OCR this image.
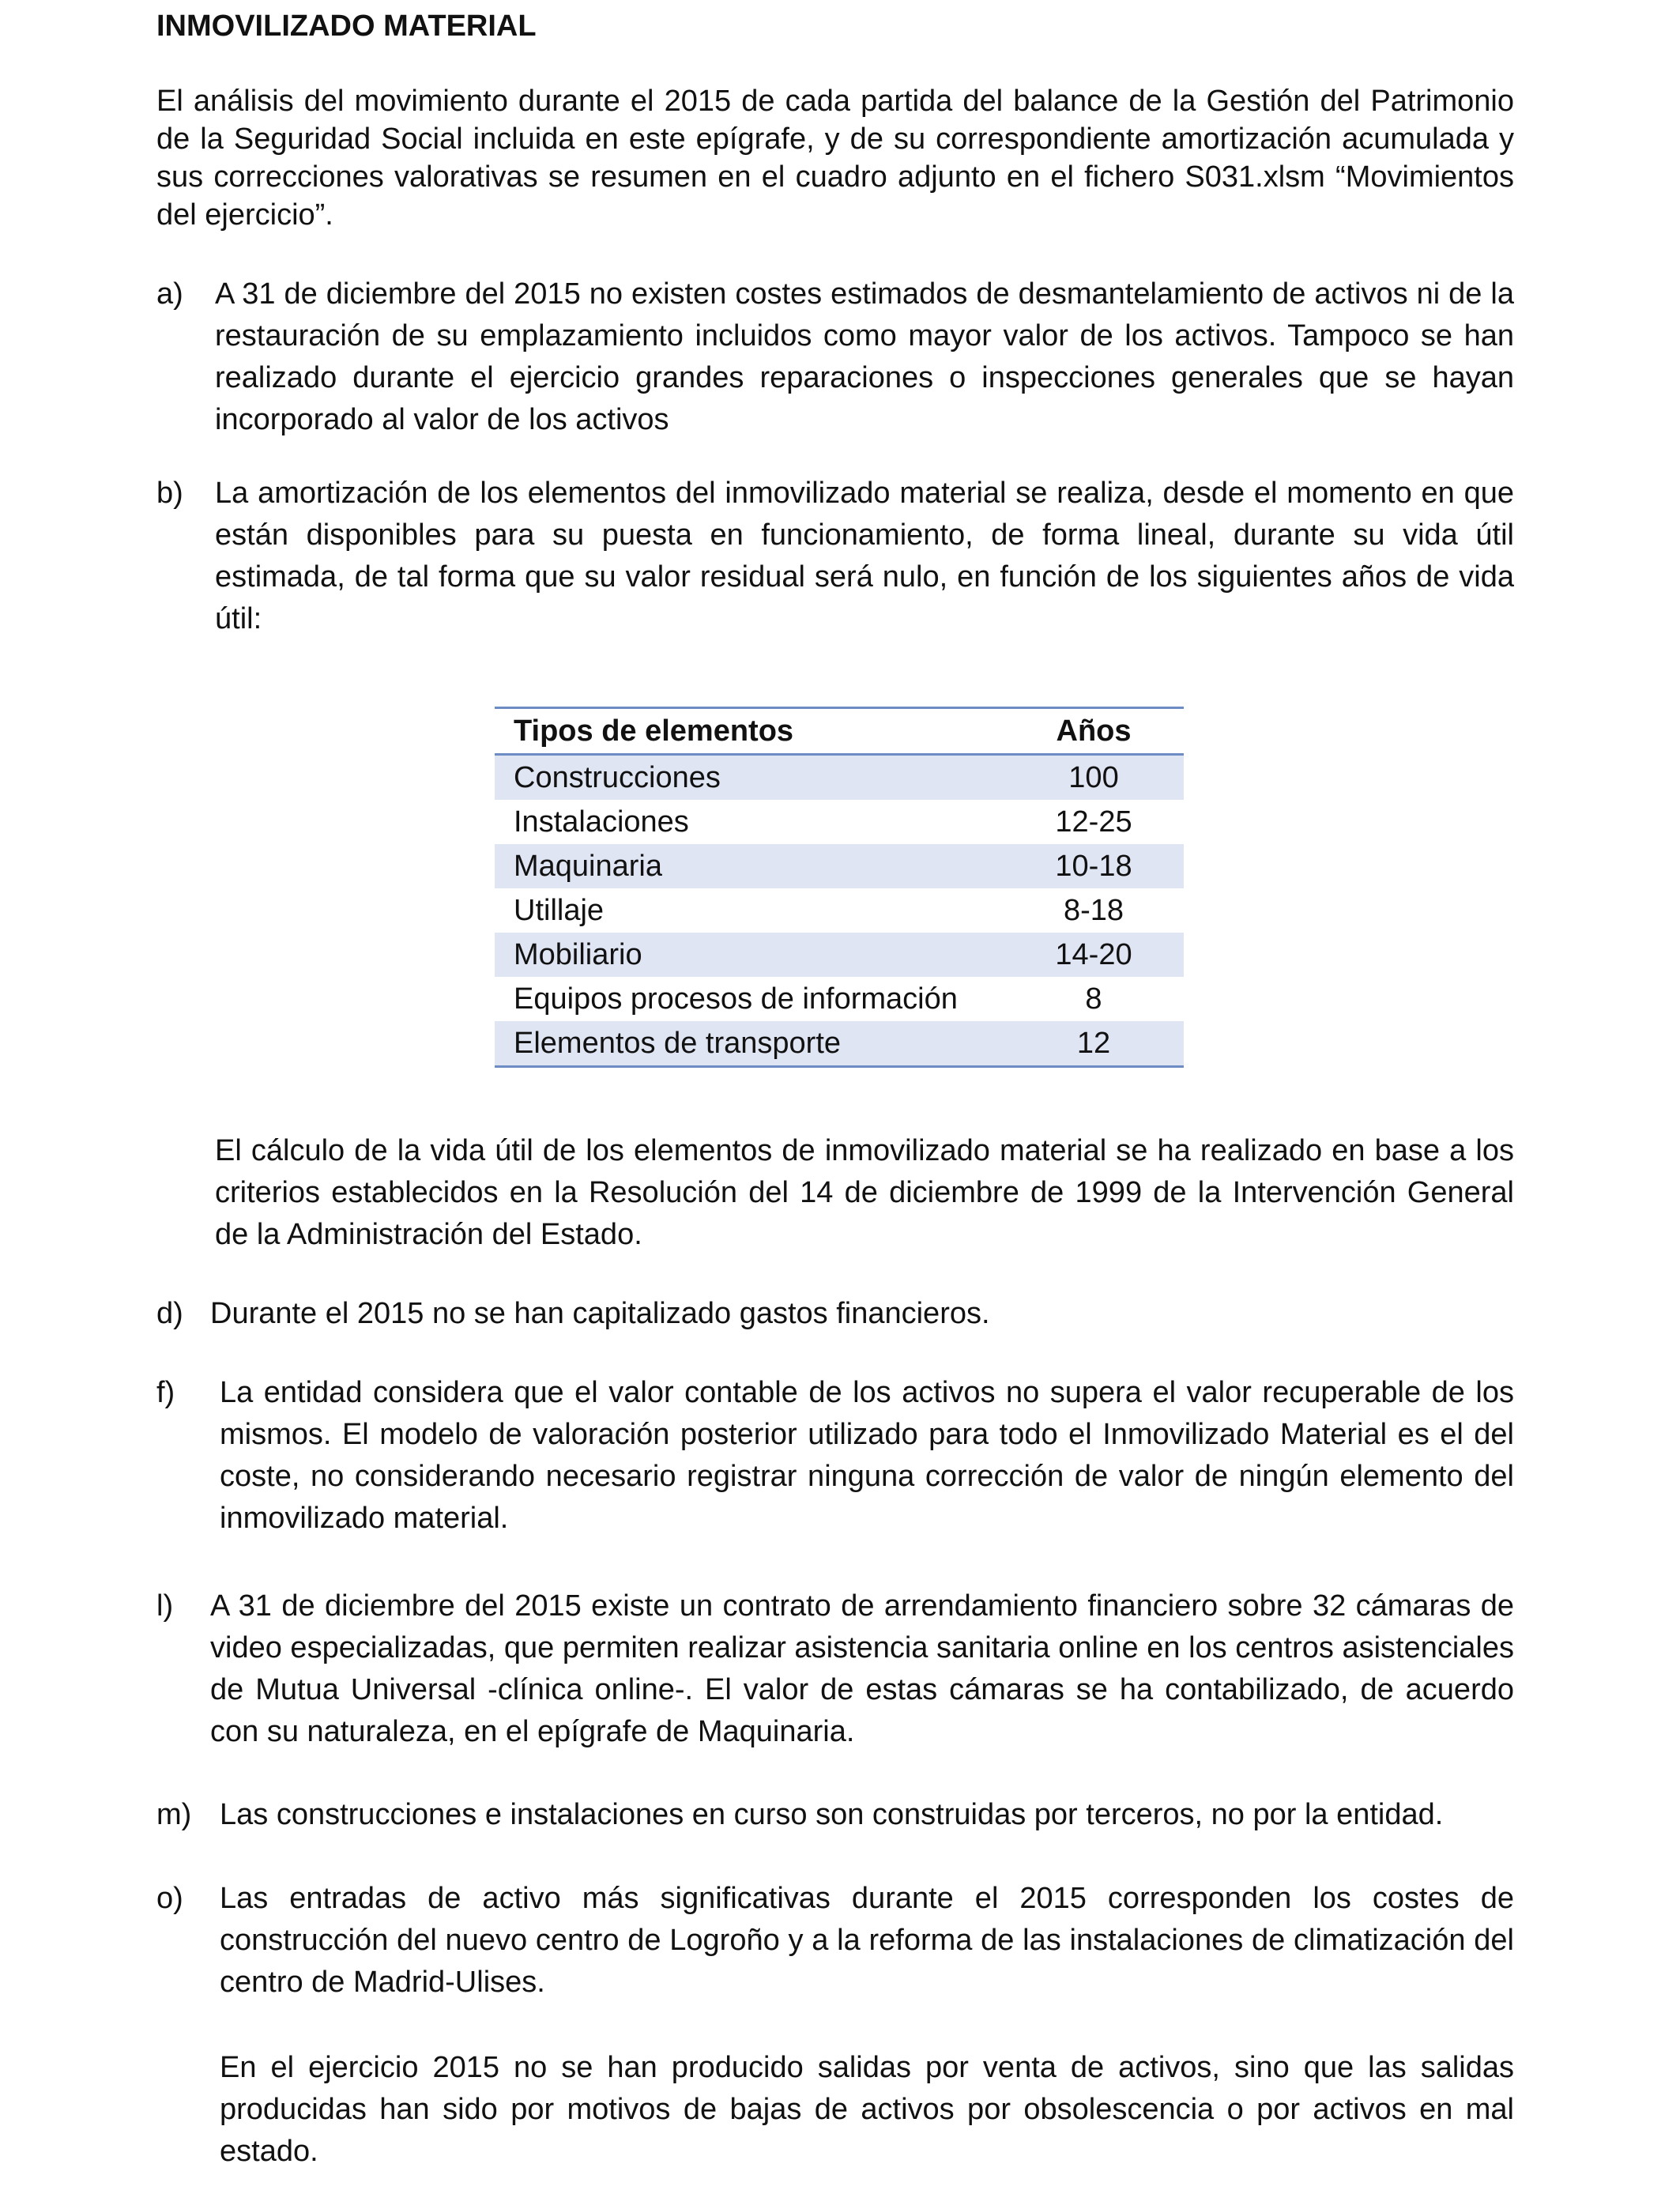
INMOVILIZADO MATERIAL

El análisis del movimiento durante el 2015 de cada partida del balance de la Gestión del Patrimonio de la Seguridad Social incluida en este epígrafe, y de su correspondiente amortización acumulada y sus correcciones valorativas se resumen en el cuadro adjunto en el fichero S031.xlsm “Movimientos del ejercicio”.

a) A 31 de diciembre del 2015 no existen costes estimados de desmantelamiento de activos ni de la restauración de su emplazamiento incluidos como mayor valor de los activos. Tampoco se han realizado durante el ejercicio grandes reparaciones o inspecciones generales que se hayan incorporado al valor de los activos

b) La amortización de los elementos del inmovilizado material se realiza, desde el momento en que están disponibles para su puesta en funcionamiento, de forma lineal, durante su vida útil estimada, de tal forma que su valor residual será nulo, en función de los siguientes años de vida útil:

Tipos de elementos	Años
Construcciones	100
Instalaciones	12-25
Maquinaria	10-18
Utillaje	8-18
Mobiliario	14-20
Equipos procesos de información	8
Elementos de transporte	12

El cálculo de la vida útil de los elementos de inmovilizado material se ha realizado en base a los criterios establecidos en la Resolución del 14 de diciembre de 1999 de la Intervención General de la Administración del Estado.

d) Durante el 2015 no se han capitalizado gastos financieros.

f) La entidad considera que el valor contable de los activos no supera el valor recuperable de los mismos. El modelo de valoración posterior utilizado para todo el Inmovilizado Material es el del coste, no considerando necesario registrar ninguna corrección de valor de ningún elemento del inmovilizado material.

l) A 31 de diciembre del 2015 existe un contrato de arrendamiento financiero sobre 32 cámaras de video especializadas, que permiten realizar asistencia sanitaria online en los centros asistenciales de Mutua Universal -clínica online-. El valor de estas cámaras se ha contabilizado, de acuerdo con su naturaleza, en el epígrafe de Maquinaria.

m) Las construcciones e instalaciones en curso son construidas por terceros, no por la entidad.

o) Las entradas de activo más significativas durante el 2015 corresponden los costes de construcción del nuevo centro de Logroño y a la reforma de las instalaciones de climatización del centro de Madrid-Ulises.

En el ejercicio 2015 no se han producido salidas por venta de activos, sino que las salidas producidas han sido por motivos de bajas de activos por obsolescencia o por activos en mal estado.
